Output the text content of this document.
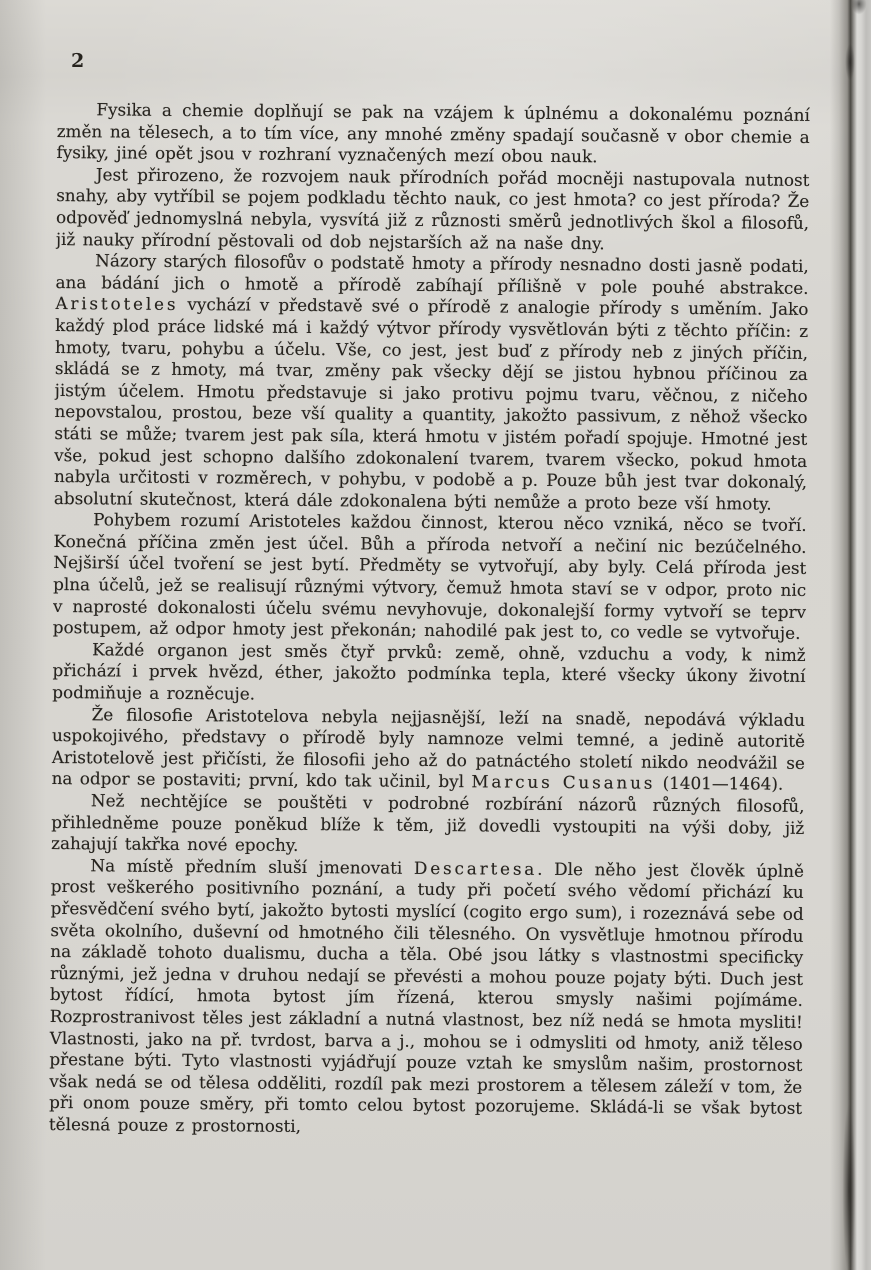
2

Fysika a chemie doplňují se pak na vzájem k úplnému a dokonalému poznání změn na tělesech, a to tím více, any mnohé změny spadají současně v obor chemie a fysiky, jiné opět jsou v rozhraní vyznačených mezí obou nauk.

Jest přirozeno, že rozvojem nauk přírodních pořád mocněji nastupovala nutnost snahy, aby vytříbil se pojem podkladu těchto nauk, co jest hmota? co jest příroda? Že odpověď jednomyslná nebyla, vysvítá již z různosti směrů jednotlivých škol a filosofů, již nauky přírodní pěstovali od dob nejstarších až na naše dny.

Názory starých filosofův o podstatě hmoty a přírody nesnadno dosti jasně podati, ana bádání jich o hmotě a přírodě zabíhají přílišně v pole pouhé abstrakce. Aristoteles vychází v představě své o přírodě z analogie přírody s uměním. Jako každý plod práce lidské má i každý výtvor přírody vysvětlován býti z těchto příčin: z hmoty, tvaru, pohybu a účelu. Vše, co jest, jest buď z přírody neb z jiných příčin, skládá se z hmoty, má tvar, změny pak všecky dějí se jistou hybnou příčinou za jistým účelem. Hmotu představuje si jako protivu pojmu tvaru, věčnou, z ničeho nepovstalou, prostou, beze vší quality a quantity, jakožto passivum, z něhož všecko státi se může; tvarem jest pak síla, která hmotu v jistém pořadí spojuje. Hmotné jest vše, pokud jest schopno dalšího zdokonalení tvarem, tvarem všecko, pokud hmota nabyla určitosti v rozměrech, v pohybu, v podobě a p. Pouze bůh jest tvar dokonalý, absolutní skutečnost, která dále zdokonalena býti nemůže a proto beze vší hmoty.

Pohybem rozumí Aristoteles každou činnost, kterou něco vzniká, něco se tvoří. Konečná příčina změn jest účel. Bůh a příroda netvoří a nečiní nic bezúčelného. Nejširší účel tvoření se jest bytí. Předměty se vytvořují, aby byly. Celá příroda jest plna účelů, jež se realisují různými výtvory, čemuž hmota staví se v odpor, proto nic v naprosté dokonalosti účelu svému nevyhovuje, dokonalejší formy vytvoří se teprv postupem, až odpor hmoty jest překonán; nahodilé pak jest to, co vedle se vytvořuje.

Každé organon jest směs čtyř prvků: země, ohně, vzduchu a vody, k nimž přichází i prvek hvězd, éther, jakožto podmínka tepla, které všecky úkony životní podmiňuje a rozněcuje.

Že filosofie Aristotelova nebyla nejjasnější, leží na snadě, nepodává výkladu uspokojivého, představy o přírodě byly namnoze velmi temné, a jedině autoritě Aristotelově jest přičísti, že filosofii jeho až do patnáctého století nikdo neodvážil se na odpor se postaviti; první, kdo tak učinil, byl Marcus Cusanus (1401—1464).

Než nechtějíce se pouštěti v podrobné rozbírání názorů různých filosofů, přihledněme pouze poněkud blíže k těm, již dovedli vystoupiti na výši doby, již zahajují takřka nové epochy.

Na místě předním sluší jmenovati Descartesa. Dle něho jest člověk úplně prost veškerého positivního poznání, a tudy při početí svého vědomí přichází ku přesvědčení svého bytí, jakožto bytosti myslící (cogito ergo sum), i rozeznává sebe od světa okolního, duševní od hmotného čili tělesného. On vysvětluje hmotnou přírodu na základě tohoto dualismu, ducha a těla. Obé jsou látky s vlastnostmi specificky různými, jež jedna v druhou nedají se převésti a mohou pouze pojaty býti. Duch jest bytost řídící, hmota bytost jím řízená, kterou smysly našimi pojímáme. Rozprostranivost těles jest základní a nutná vlastnost, bez níž nedá se hmota mysliti! Vlastnosti, jako na př. tvrdost, barva a j., mohou se i odmysliti od hmoty, aniž těleso přestane býti. Tyto vlastnosti vyjádřují pouze vztah ke smyslům našim, prostornost však nedá se od tělesa odděliti, rozdíl pak mezi prostorem a tělesem záleží v tom, že při onom pouze směry, při tomto celou bytost pozorujeme. Skládá-li se však bytost tělesná pouze z prostornosti,
